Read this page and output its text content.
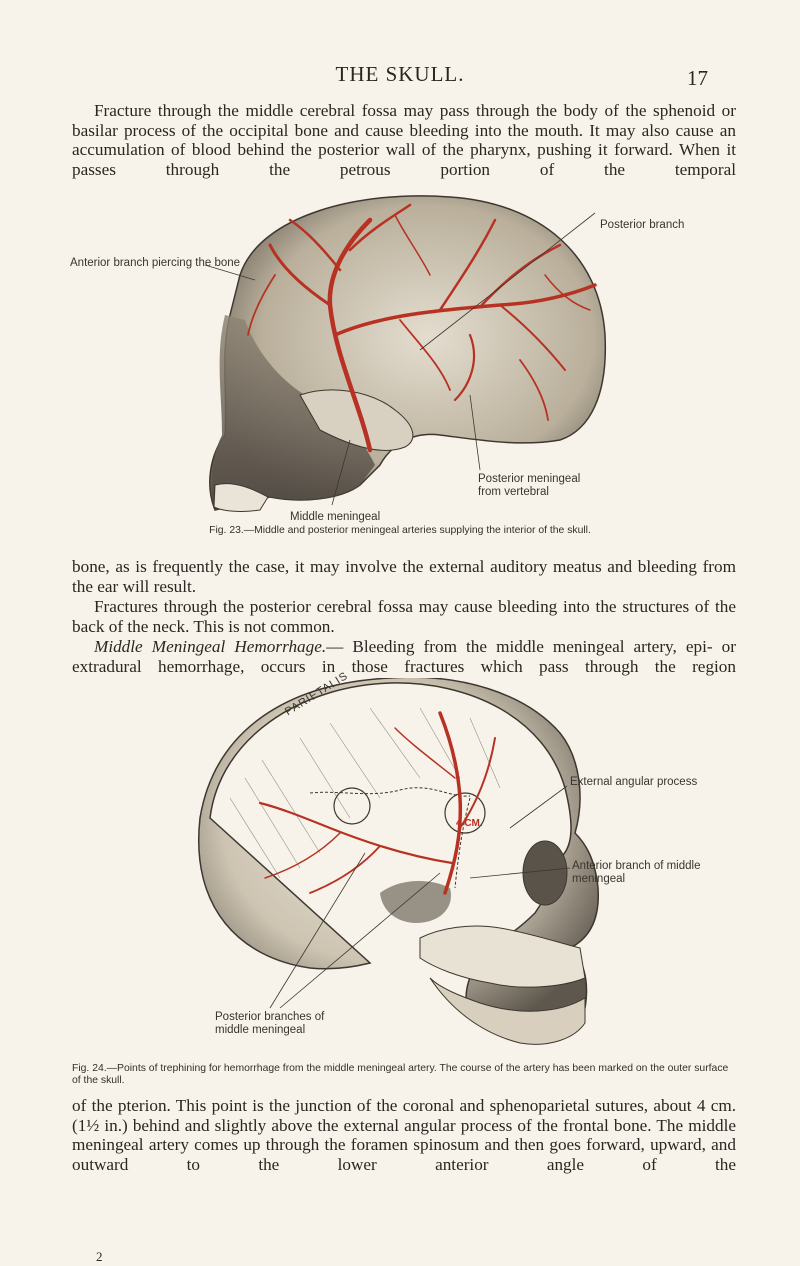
THE SKULL.	17

Fracture through the middle cerebral fossa may pass through the body of the sphenoid or basilar process of the occipital bone and cause bleeding into the mouth. It may also cause an accumulation of blood behind the posterior wall of the pharynx, pushing it forward. When it passes through the petrous portion of the temporal

Anterior branch piercing the bone
Posterior branch
Posterior meningeal from vertebral
Middle meningeal
Fig. 23.—Middle and posterior meningeal arteries supplying the interior of the skull.

bone, as is frequently the case, it may involve the external auditory meatus and bleeding from the ear will result.

Fractures through the posterior cerebral fossa may cause bleeding into the structures of the back of the neck. This is not common.

Middle Meningeal Hemorrhage.— Bleeding from the middle meningeal artery, epi- or extradural hemorrhage, occurs in those fractures which pass through the region

PARIETALIS
4 CM.
External angular process
Anterior branch of middle meningeal
Posterior branches of middle meningeal
Fig. 24.—Points of trephining for hemorrhage from the middle meningeal artery. The course of the artery has been marked on the outer surface of the skull.

of the pterion. This point is the junction of the coronal and sphenoparietal sutures, about 4 cm. (1½ in.) behind and slightly above the external angular process of the frontal bone. The middle meningeal artery comes up through the foramen spinosum and then goes forward, upward, and outward to the lower anterior angle of the

2
